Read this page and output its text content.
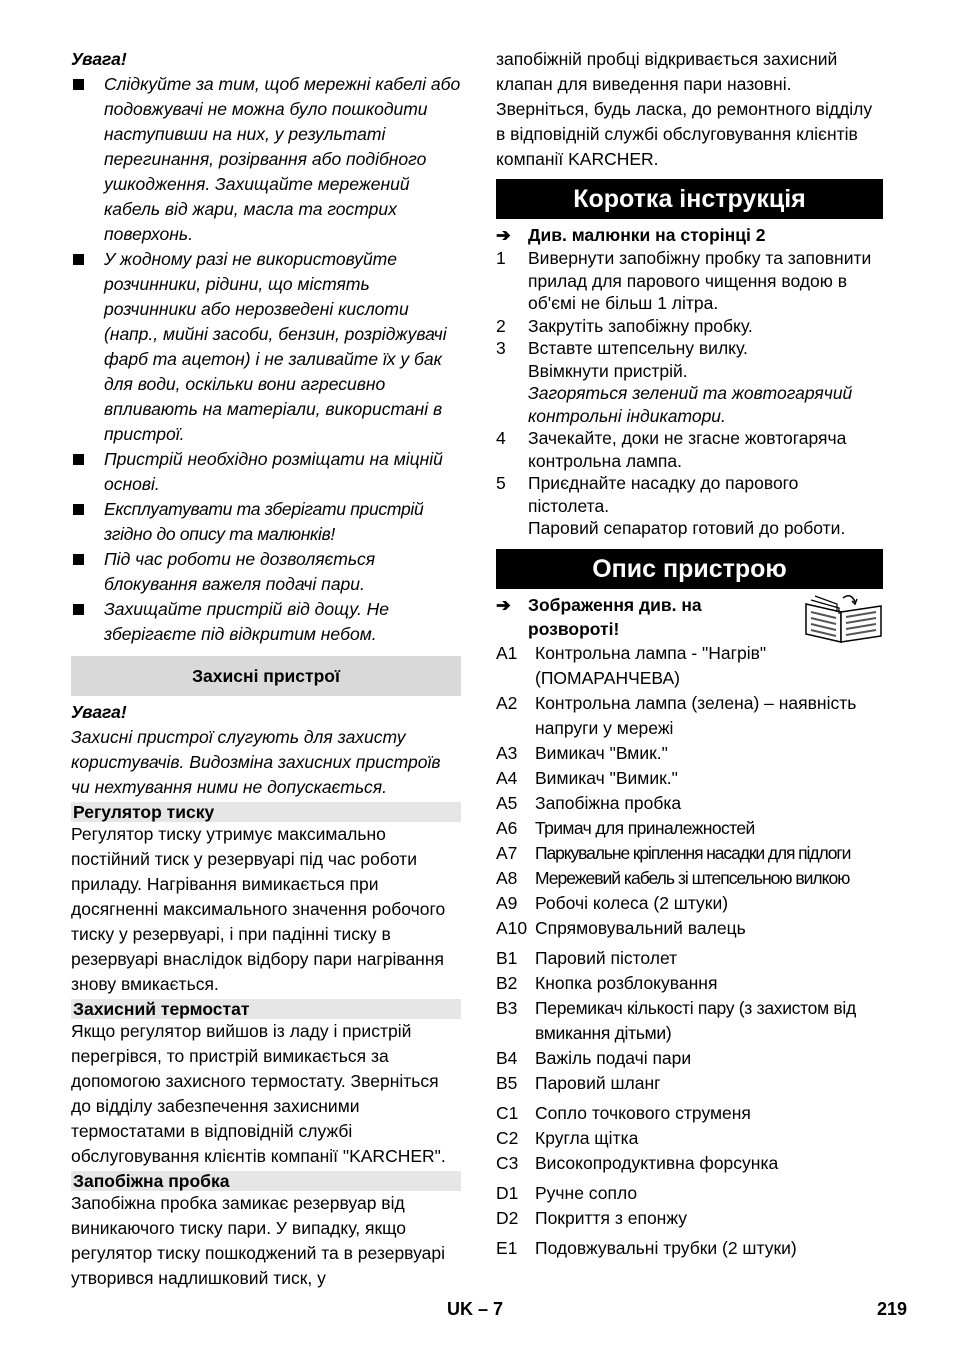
Увага!
Слідкуйте за тим, щоб мережні кабелі або подовжувачі не можна було пошкодити наступивши на них, у результаті перегинання, розірвання або подібного ушкодження. Захищайте мережений кабель від жари, масла та гострих поверхонь.
У жодному разі не використовуйте розчинники, рідини, що містять розчинники або нерозведені кислоти (напр., мийні засоби, бензин, розріджувачі фарб та ацетон) і не заливайте їх у бак для води, оскільки вони агресивно впливають на матеріали, використані в пристрої.
Пристрій необхідно розміщати на міцній основі.
Експлуатувати та зберігати пристрій згідно до опису та малюнків!
Під час роботи не дозволяється блокування важеля подачі пари.
Захищайте пристрій від дощу. Не зберігаєте під відкритим небом.
Захисні пристрої
Увага!
Захисні пристрої слугують для захисту користувачів. Видозміна захисних пристроїв чи нехтування ними не допускається.
Регулятор тиску
Регулятор тиску утримує максимально постійний тиск у резервуарі під час роботи приладу. Нагрівання вимикається при досягненні максимального значення робочого тиску у резервуарі, і при падінні тиску в резервуарі внаслідок відбору пари нагрівання знову вмикається.
Захисний термостат
Якщо регулятор вийшов із ладу і пристрій перегрівся, то пристрій вимикається за допомогою захисного термостату. Зверніться до відділу забезпечення захисними термостатами в відповідній службі обслуговування клієнтів компанії "KARCHER".
Запобіжна пробка
Запобіжна пробка замикає резервуар від виникаючого тиску пари. У випадку, якщо регулятор тиску пошкоджений та в резервуарі утворився надлишковий тиск, у
запобіжній пробці відкривається захисний клапан для виведення пари назовні. Зверніться, будь ласка, до ремонтного відділу в відповідній службі обслуговування клієнтів компанії KARCHER.
Коротка інструкція
➔ Див. малюнки на сторінці 2
1	Вивернути запобіжну пробку та заповнити прилад для парового чищення водою в об'ємі не більш 1 літра.
2	Закрутіть запобіжну пробку.
3	Вставте штепсельну вилку.
Ввімкнути пристрій.
Загоряться зелений та жовтогарячий контрольні індикатори.
4	Зачекайте, доки не згасне жовтогаряча контрольна лампа.
5	Приєднайте насадку до парового пістолета.
Паровий сепаратор готовий до роботи.
Опис пристрою
➔ Зображення див. на розвороті!
A1	Контрольна лампа - "Нагрів" (ПОМАРАНЧЕВА)
A2	Контрольна лампа (зелена) – наявність напруги у мережі
A3	Вимикач "Вмик."
A4	Вимикач "Вимик."
A5	Запобіжна пробка
A6	Тримач для приналежностей
A7	Паркувальне кріплення насадки для підлоги
A8	Мережевий кабель зі штепсельною вилкою
A9	Робочі колеса (2 штуки)
A10 Спрямовувальний валець
B1	Паровий пістолет
B2	Кнопка розблокування
B3	Перемикач кількості пару (з захистом від вмикання дітьми)
B4	Важіль подачі пари
B5	Паровий шланг
C1 Сопло точкового струменя
C2 Кругла щітка
C3 Високопродуктивна форсунка
D1 Ручне сопло
D2 Покриття з епонжу
E1	Подовжувальні трубки (2 штуки)
UK – 7	219
